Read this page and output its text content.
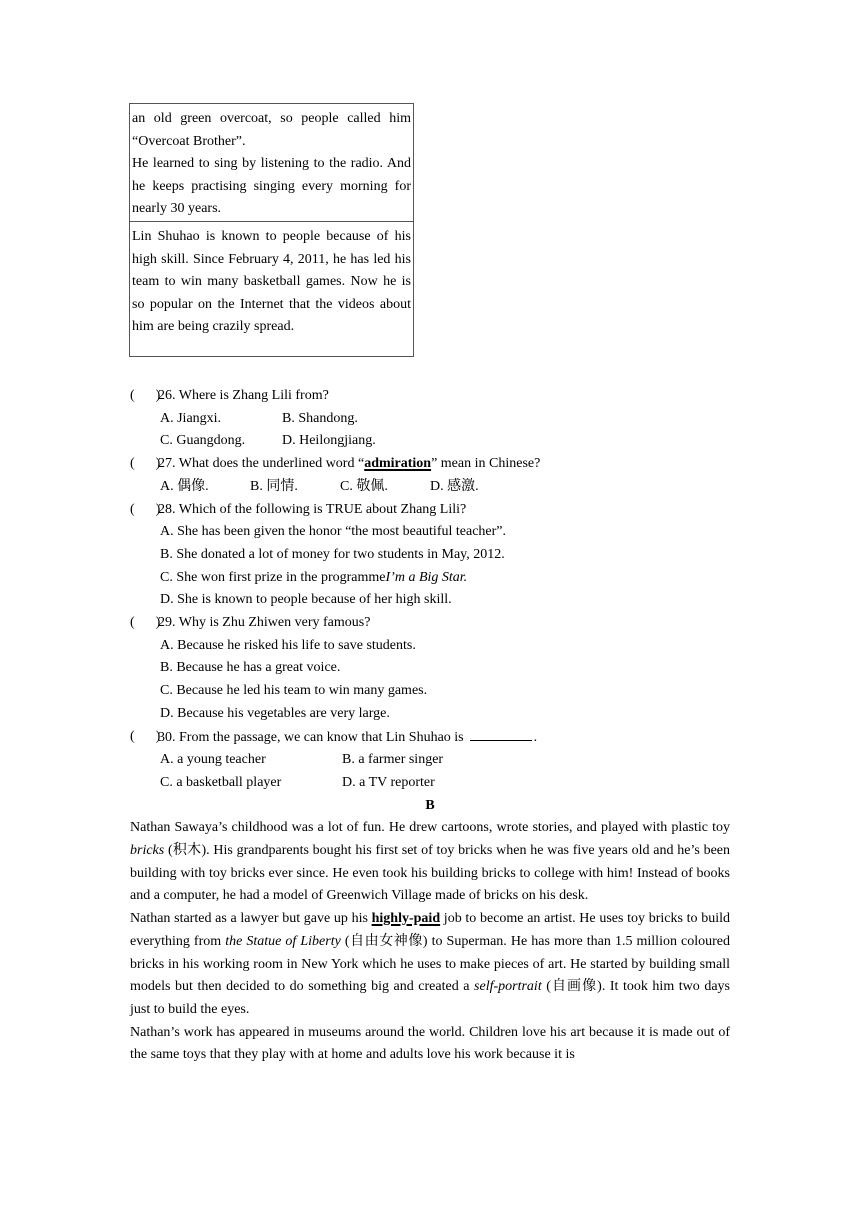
an old green overcoat, so people called him “Overcoat Brother”.
He learned to sing by listening to the radio. And he keeps practising singing every morning for nearly 30 years.
Lin Shuhao is known to people because of his high skill. Since February 4, 2011, he has led his team to win many basketball games. Now he is so popular on the Internet that the videos about him are being crazily spread.
(      )
26. Where is Zhang Lili from?
A. Jiangxi.	B. Shandong.
C. Guangdong.	D. Heilongjiang.
(      )
27. What does the underlined word “admiration” mean in Chinese?
A. 偶像.	B. 同情.	C. 敬佩.	D. 感激.
(      )
28. Which of the following is TRUE about Zhang Lili?
A. She has been given the honor “the most beautiful teacher”.
B. She donated a lot of money for two students in May, 2012.
C. She won first prize in the programmeI’m a Big Star.
D. She is known to people because of her high skill.
(      )
29. Why is Zhu Zhiwen very famous?
A. Because he risked his life to save students.
B. Because he has a great voice.
C. Because he led his team to win many games.
D. Because his vegetables are very large.
(      )
30. From the passage, we can know that Lin Shuhao is	.
A. a young teacher	B. a farmer singer
C. a basketball player	D. a TV reporter
B
Nathan Sawaya’s childhood was a lot of fun. He drew cartoons, wrote stories, and played with plastic toy bricks (积木). His grandparents bought his first set of toy bricks when he was five years old and he’s been building with toy bricks ever since. He even took his building bricks to college with him! Instead of books and a computer, he had a model of Greenwich Village made of bricks on his desk.
Nathan started as a lawyer but gave up his highly-paid job to become an artist. He uses toy bricks to build everything from the Statue of Liberty (自由女神像) to Superman. He has more than 1.5 million coloured bricks in his working room in New York which he uses to make pieces of art. He started by building small models but then decided to do something big and created a self-portrait (自画像). It took him two days just to build the eyes.
Nathan’s work has appeared in museums around the world. Children love his art because it is made out of the same toys that they play with at home and adults love his work because it is
